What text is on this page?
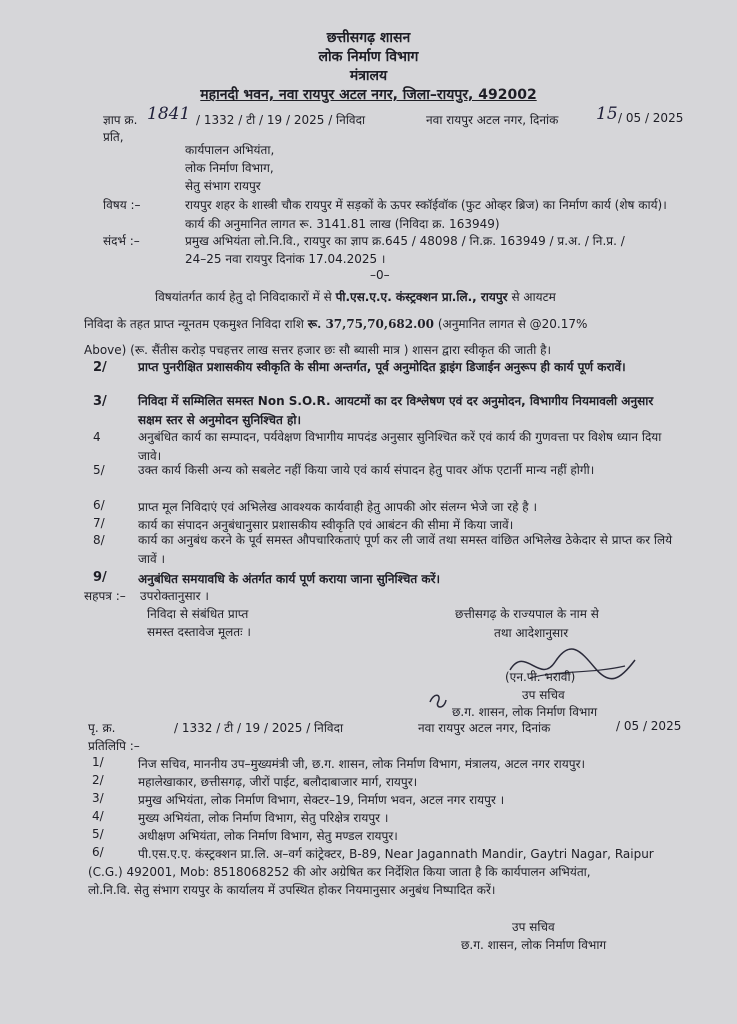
छत्तीसगढ़ शासन
लोक निर्माण विभाग
मंत्रालय
महानदी भवन, नवा रायपुर अटल नगर, जिला–रायपुर, 492002
ज्ञाप क्र. 1841 / 1332 / टी / 19 / 2025 / निविदा	नवा रायपुर अटल नगर, दिनांक 15 / 05 / 2025
प्रति,
कार्यपालन अभियंता,
लोक निर्माण विभाग,
सेतु संभाग रायपुर
विषय :–	रायपुर शहर के शास्त्री चौक रायपुर में सड़कों के ऊपर स्कॉईवॉक (फुट ओव्हर ब्रिज) का निर्माण कार्य (शेष कार्य)। कार्य की अनुमानित लागत रू. 3141.81 लाख (निविदा क्र. 163949)
संदर्भ :–	प्रमुख अभियंता लो.नि.वि., रायपुर का ज्ञाप क्र.645 / 48098 / नि.क्र. 163949 / प्र.अ. / नि.प्र. /
24–25 नवा रायपुर दिनांक 17.04.2025 ।
–0–
विषयांतर्गत कार्य हेतु दो निविदाकारों में से पी.एस.ए.ए. कंस्ट्रक्शन प्रा.लि., रायपुर से आयटम
निविदा के तहत प्राप्त न्यूनतम एकमुश्त निविदा राशि रू. 37,75,70,682.00 (अनुमानित लागत से @20.17%
Above) (रू. सैंतीस करोड़ पचहत्तर लाख सत्तर हजार छः सौ ब्यासी मात्र ) शासन द्वारा स्वीकृत की जाती है।
2/	प्राप्त पुनरीक्षित प्रशासकीय स्वीकृति के सीमा अन्तर्गत, पूर्व अनुमोदित ड्राइंग डिजाईन अनुरूप ही कार्य पूर्ण करावें।
3/	निविदा में सम्मिलित समस्त Non S.O.R. आयटमों का दर विश्लेषण एवं दर अनुमोदन, विभागीय नियमावली अनुसार सक्षम स्तर से अनुमोदन सुनिश्चित हो।
4	अनुबंधित कार्य का सम्पादन, पर्यवेक्षण विभागीय मापदंड अनुसार सुनिश्चित करें एवं कार्य की गुणवत्ता पर विशेष ध्यान दिया जावे।
5/	उक्त कार्य किसी अन्य को सबलेट नहीं किया जाये एवं कार्य संपादन हेतु पावर ऑफ एटार्नी मान्य नहीं होगी।
6/	प्राप्त मूल निविदाएं एवं अभिलेख आवश्यक कार्यवाही हेतु आपकी ओर संलग्न भेजे जा रहे है ।
7/	कार्य का संपादन अनुबंधानुसार प्रशासकीय स्वीकृति एवं आबंटन की सीमा में किया जावें।
8/	कार्य का अनुबंध करने के पूर्व समस्त औपचारिकताएं पूर्ण कर ली जावें तथा समस्त वांछित अभिलेख ठेकेदार से प्राप्त कर लिये जावें ।
9/	अनुबंधित समयावधि के अंतर्गत कार्य पूर्ण कराया जाना सुनिश्चित करें।
सहपत्र :– उपरोक्तानुसार ।
निविदा से संबंधित प्राप्त
समस्त दस्तावेज मूलतः ।
छत्तीसगढ़ के राज्यपाल के नाम से
तथा आदेशानुसार
(एन.पी. भरावी)
उप सचिव
छ.ग. शासन, लोक निर्माण विभाग
पृ. क्र.	/ 1332 / टी / 19 / 2025 / निविदा	नवा रायपुर अटल नगर, दिनांक	/ 05 / 2025
प्रतिलिपि :–
1/	निज सचिव, माननीय उप–मुख्यमंत्री जी, छ.ग. शासन, लोक निर्माण विभाग, मंत्रालय, अटल नगर रायपुर।
2/	महालेखाकार, छत्तीसगढ़, जीरों पाईट, बलौदाबाजार मार्ग, रायपुर।
3/	प्रमुख अभियंता, लोक निर्माण विभाग, सेक्टर–19, निर्माण भवन, अटल नगर रायपुर ।
4/	मुख्य अभियंता, लोक निर्माण विभाग, सेतु परिक्षेत्र रायपुर ।
5/	अधीक्षण अभियंता, लोक निर्माण विभाग, सेतु मण्डल रायपुर।
6/	पी.एस.ए.ए. कंस्ट्रक्शन प्रा.लि. अ–वर्ग कांट्रेक्टर, B-89, Near Jagannath Mandir, Gaytri Nagar, Raipur
(C.G.) 492001, Mob: 8518068252 की ओर अग्रेषित कर निर्देशित किया जाता है कि कार्यपालन अभियंता,
लो.नि.वि. सेतु संभाग रायपुर के कार्यालय में उपस्थित होकर नियमानुसार अनुबंध निष्पादित करें।
उप सचिव
छ.ग. शासन, लोक निर्माण विभाग
